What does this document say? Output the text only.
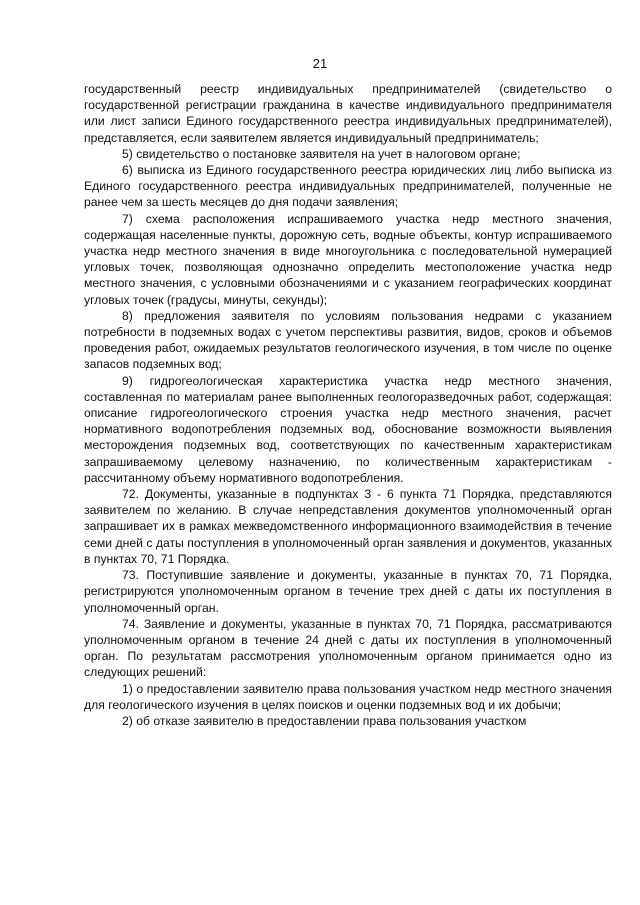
21

государственный реестр индивидуальных предпринимателей (свидетельство о государственной регистрации гражданина в качестве индивидуального предпринимателя или лист записи Единого государственного реестра индивидуальных предпринимателей), представляется, если заявителем является индивидуальный предприниматель;

5) свидетельство о постановке заявителя на учет в налоговом органе;

6) выписка из Единого государственного реестра юридических лиц либо выписка из Единого государственного реестра индивидуальных предпринимателей, полученные не ранее чем за шесть месяцев до дня подачи заявления;

7) схема расположения испрашиваемого участка недр местного значения, содержащая населенные пункты, дорожную сеть, водные объекты, контур испрашиваемого участка недр местного значения в виде многоугольника с последовательной нумерацией угловых точек, позволяющая однозначно определить местоположение участка недр местного значения, с условными обозначениями и с указанием географических координат угловых точек (градусы, минуты, секунды);

8) предложения заявителя по условиям пользования недрами с указанием потребности в подземных водах с учетом перспективы развития, видов, сроков и объемов проведения работ, ожидаемых результатов геологического изучения, в том числе по оценке запасов подземных вод;

9) гидрогеологическая характеристика участка недр местного значения, составленная по материалам ранее выполненных геологоразведочных работ, содержащая: описание гидрогеологического строения участка недр местного значения, расчет нормативного водопотребления подземных вод, обоснование возможности выявления месторождения подземных вод, соответствующих по качественным характеристикам запрашиваемому целевому назначению, по количественным характеристикам - рассчитанному объему нормативного водопотребления.

72. Документы, указанные в подпунктах 3 - 6 пункта 71 Порядка, представляются заявителем по желанию. В случае непредставления документов уполномоченный орган запрашивает их в рамках межведомственного информационного взаимодействия в течение семи дней с даты поступления в уполномоченный орган заявления и документов, указанных в пунктах 70, 71 Порядка.

73. Поступившие заявление и документы, указанные в пунктах 70, 71 Порядка, регистрируются уполномоченным органом в течение трех дней с даты их поступления в уполномоченный орган.

74. Заявление и документы, указанные в пунктах 70, 71 Порядка, рассматриваются уполномоченным органом в течение 24 дней с даты их поступления в уполномоченный орган. По результатам рассмотрения уполномоченным органом принимается одно из следующих решений:

1) о предоставлении заявителю права пользования участком недр местного значения для геологического изучения в целях поисков и оценки подземных вод и их добычи;

2) об отказе заявителю в предоставлении права пользования участком
